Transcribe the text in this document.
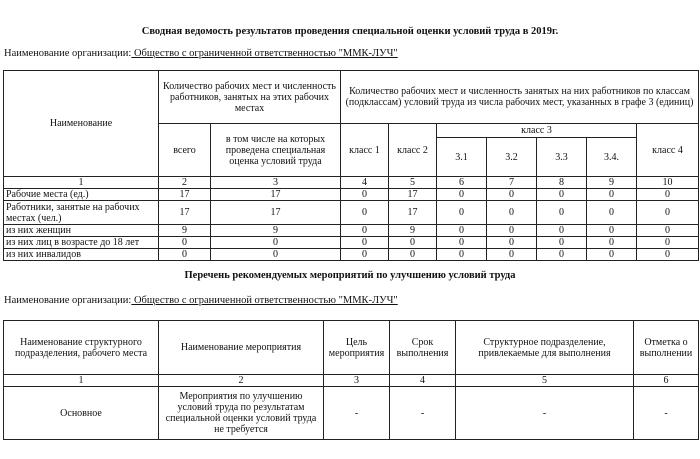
Сводная ведомость результатов проведения специальной оценки условий труда в 2019г.
Наименование организации: Общество с ограниченной ответственностью "ММК-ЛУЧ"
Наименование	Количество рабочих мест и численность работников, занятых на этих рабочих местах		Количество рабочих мест и численность занятых на них работников по классам (подклассам) условий труда из числа рабочих мест, указанных в графе 3 (единиц)						
	всего	в том числе на которых проведена специальная оценка условий труда	класс 1	класс 2	класс 3				класс 4
					3.1	3.2	3.3	3.4.	
1	2	3	4	5	6	7	8	9	10
Рабочие места (ед.)	17	17	0	17	0	0	0	0	0
Работники, занятые на рабочих местах (чел.)	17	17	0	17	0	0	0	0	0
из них женщин	9	9	0	9	0	0	0	0	0
из них лиц в возрасте до 18 лет	0	0	0	0	0	0	0	0	0
из них инвалидов	0	0	0	0	0	0	0	0	0
Перечень рекомендуемых мероприятий по улучшению условий труда
Наименование организации: Общество с ограниченной ответственностью "ММК-ЛУЧ"
Наименование структурного подразделения, рабочего места	Наименование мероприятия	Цель мероприятия	Срок выполнения	Структурное подразделение, привлекаемые для выполнения	Отметка о выполнении
1	2	3	4	5	6
Основное	Мероприятия по улучшению условий труда по результатам специальной оценки условий труда не требуется	-	-	-	-
